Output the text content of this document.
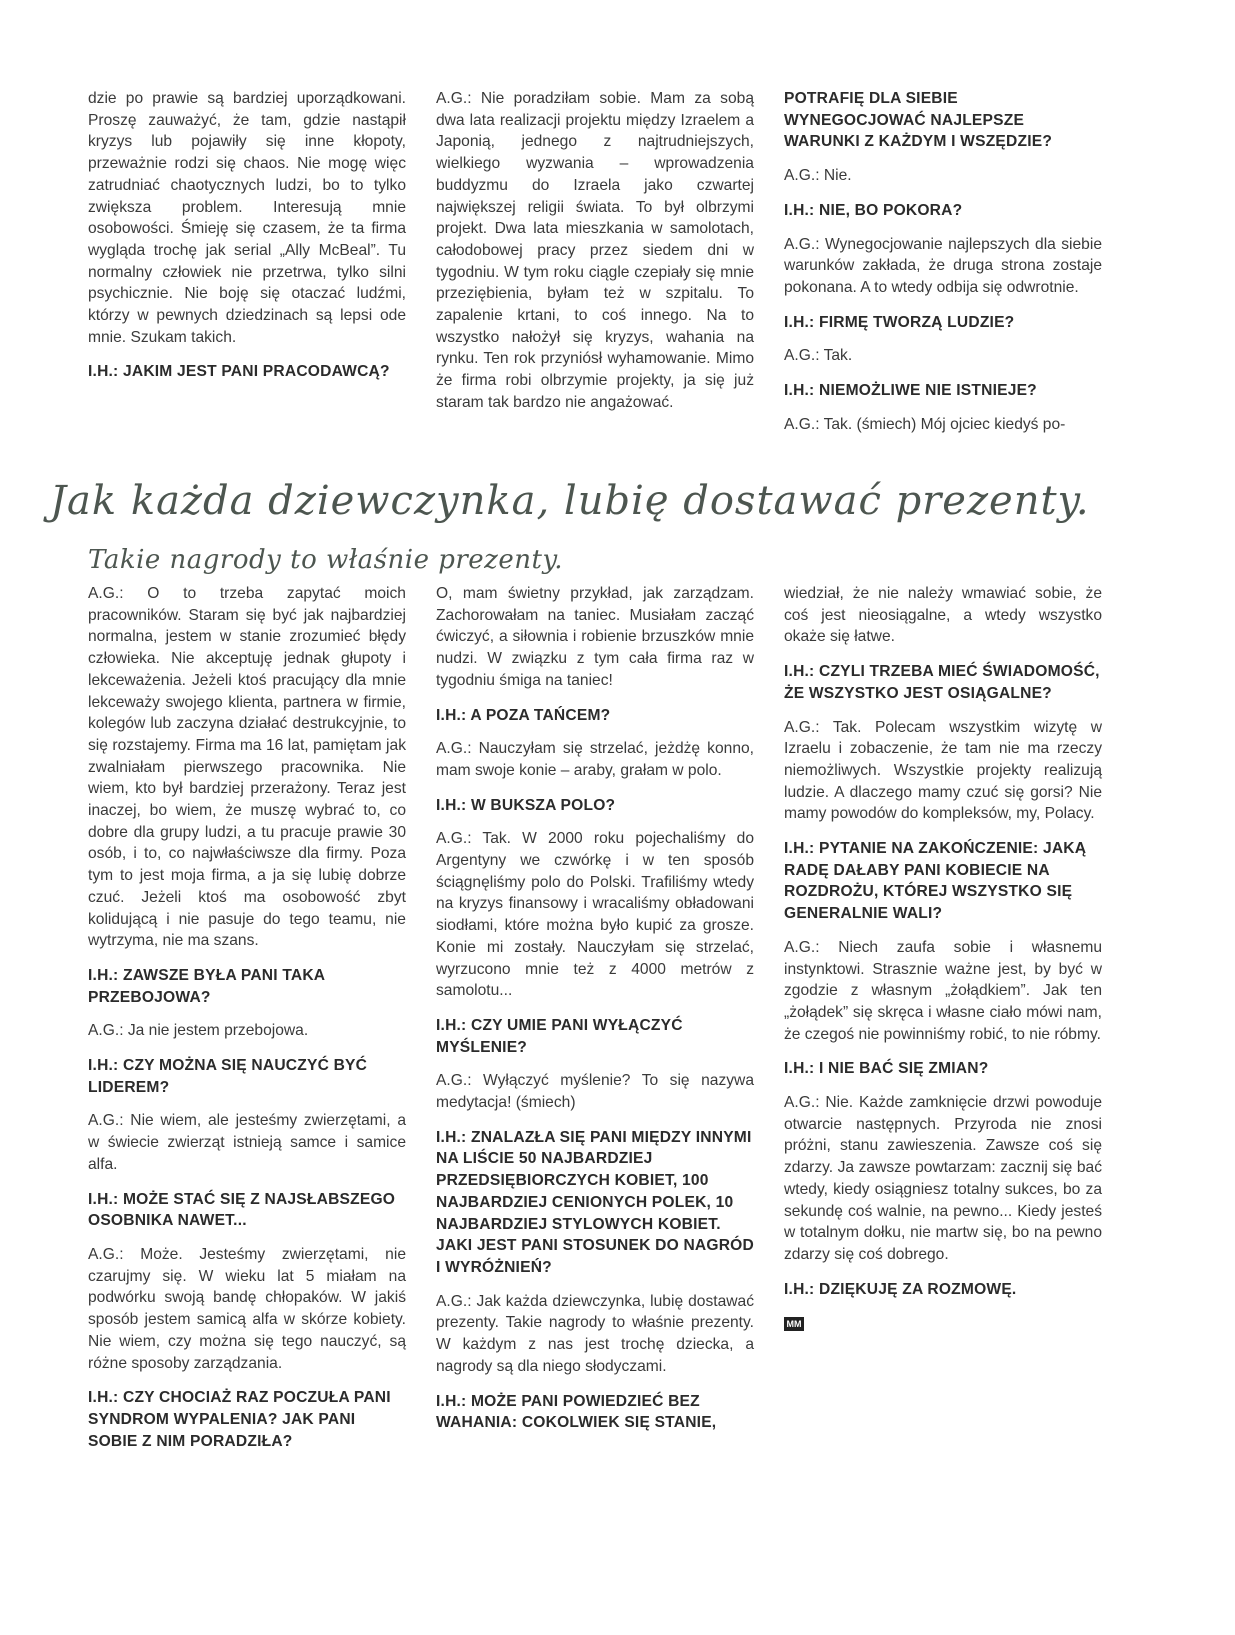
dzie po prawie są bardziej uporządkowani. Proszę zauważyć, że tam, gdzie nastąpił kryzys lub pojawiły się inne kłopoty, przeważnie rodzi się chaos. Nie mogę więc zatrudniać chaotycznych ludzi, bo to tylko zwiększa problem. Interesują mnie osobowości. Śmieję się czasem, że ta firma wygląda trochę jak serial „Ally McBeal”. Tu normalny człowiek nie przetrwa, tylko silni psychicznie. Nie boję się otaczać ludźmi, którzy w pewnych dziedzinach są lepsi ode mnie. Szukam takich.

I.H.: JAKIM JEST PANI PRACODAWCĄ?

A.G.: Nie poradziłam sobie. Mam za sobą dwa lata realizacji projektu między Izraelem a Japonią, jednego z najtrudniejszych, wielkiego wyzwania – wprowadzenia buddyzmu do Izraela jako czwartej największej religii świata. To był olbrzymi projekt. Dwa lata mieszkania w samolotach, całodobowej pracy przez siedem dni w tygodniu. W tym roku ciągle czepiały się mnie przeziębienia, byłam też w szpitalu. To zapalenie krtani, to coś innego. Na to wszystko nałożył się kryzys, wahania na rynku. Ten rok przyniósł wyhamowanie. Mimo że firma robi olbrzymie projekty, ja się już staram tak bardzo nie angażować.

POTRAFIĘ DLA SIEBIE WYNEGOCJOWAĆ NAJLEPSZE WARUNKI Z KAŻDYM I WSZĘDZIE?

A.G.: Nie.

I.H.: NIE, BO POKORA?

A.G.: Wynegocjowanie najlepszych dla siebie warunków zakłada, że druga strona zostaje pokonana. A to wtedy odbija się odwrotnie.

I.H.: FIRMĘ TWORZĄ LUDZIE?

A.G.: Tak.

I.H.: NIEMOŻLIWE NIE ISTNIEJE?

A.G.: Tak. (śmiech) Mój ojciec kiedyś po-

Jak każda dziewczynka, lubię dostawać prezenty.
Takie nagrody to właśnie prezenty.

A.G.: O to trzeba zapytać moich pracowników. Staram się być jak najbardziej normalna, jestem w stanie zrozumieć błędy człowieka. Nie akceptuję jednak głupoty i lekceważenia. Jeżeli ktoś pracujący dla mnie lekceważy swojego klienta, partnera w firmie, kolegów lub zaczyna działać destrukcyjnie, to się rozstajemy. Firma ma 16 lat, pamiętam jak zwalniałam pierwszego pracownika. Nie wiem, kto był bardziej przerażony. Teraz jest inaczej, bo wiem, że muszę wybrać to, co dobre dla grupy ludzi, a tu pracuje prawie 30 osób, i to, co najwłaściwsze dla firmy. Poza tym to jest moja firma, a ja się lubię dobrze czuć. Jeżeli ktoś ma osobowość zbyt kolidującą i nie pasuje do tego teamu, nie wytrzyma, nie ma szans.

I.H.: ZAWSZE BYŁA PANI TAKA PRZEBOJOWA?

A.G.: Ja nie jestem przebojowa.

I.H.: CZY MOŻNA SIĘ NAUCZYĆ BYĆ LIDEREM?

A.G.: Nie wiem, ale jesteśmy zwierzętami, a w świecie zwierząt istnieją samce i samice alfa.

I.H.: MOŻE STAĆ SIĘ Z NAJSŁABSZEGO OSOBNIKA NAWET...

A.G.: Może. Jesteśmy zwierzętami, nie czarujmy się. W wieku lat 5 miałam na podwórku swoją bandę chłopaków. W jakiś sposób jestem samicą alfa w skórze kobiety. Nie wiem, czy można się tego nauczyć, są różne sposoby zarządzania.

I.H.: CZY CHOCIAŻ RAZ POCZUŁA PANI SYNDROM WYPALENIA? JAK PANI SOBIE Z NIM PORADZIŁA?

O, mam świetny przykład, jak zarządzam. Zachorowałam na taniec. Musiałam zacząć ćwiczyć, a siłownia i robienie brzuszków mnie nudzi. W związku z tym cała firma raz w tygodniu śmiga na taniec!

I.H.: A POZA TAŃCEM?

A.G.: Nauczyłam się strzelać, jeżdżę konno, mam swoje konie – araby, grałam w polo.

I.H.: W BUKSZA POLO?

A.G.: Tak. W 2000 roku pojechaliśmy do Argentyny we czwórkę i w ten sposób ściągnęliśmy polo do Polski. Trafiliśmy wtedy na kryzys finansowy i wracaliśmy obładowani siodłami, które można było kupić za grosze. Konie mi zostały. Nauczyłam się strzelać, wyrzucono mnie też z 4000 metrów z samolotu...

I.H.: CZY UMIE PANI WYŁĄCZYĆ MYŚLENIE?

A.G.: Wyłączyć myślenie? To się nazywa medytacja! (śmiech)

I.H.: ZNALAZŁA SIĘ PANI MIĘDZY INNYMI NA LIŚCIE 50 NAJBARDZIEJ PRZEDSIĘBIORCZYCH KOBIET, 100 NAJBARDZIEJ CENIONYCH POLEK, 10 NAJBARDZIEJ STYLOWYCH KOBIET. JAKI JEST PANI STOSUNEK DO NAGRÓD I WYRÓŻNIEŃ?

A.G.: Jak każda dziewczynka, lubię dostawać prezenty. Takie nagrody to właśnie prezenty. W każdym z nas jest trochę dziecka, a nagrody są dla niego słodyczami.

I.H.: MOŻE PANI POWIEDZIEĆ BEZ WAHANIA: COKOLWIEK SIĘ STANIE,

wiedział, że nie należy wmawiać sobie, że coś jest nieosiągalne, a wtedy wszystko okaże się łatwe.

I.H.: CZYLI TRZEBA MIEĆ ŚWIADOMOŚĆ, ŻE WSZYSTKO JEST OSIĄGALNE?

A.G.: Tak. Polecam wszystkim wizytę w Izraelu i zobaczenie, że tam nie ma rzeczy niemożliwych. Wszystkie projekty realizują ludzie. A dlaczego mamy czuć się gorsi? Nie mamy powodów do kompleksów, my, Polacy.

I.H.: PYTANIE NA ZAKOŃCZENIE: JAKĄ RADĘ DAŁABY PANI KOBIECIE NA ROZDROŻU, KTÓREJ WSZYSTKO SIĘ GENERALNIE WALI?

A.G.: Niech zaufa sobie i własnemu instynktowi. Strasznie ważne jest, by być w zgodzie z własnym „żołądkiem”. Jak ten „żołądek” się skręca i własne ciało mówi nam, że czegoś nie powinniśmy robić, to nie róbmy.

I.H.: I NIE BAĆ SIĘ ZMIAN?

A.G.: Nie. Każde zamknięcie drzwi powoduje otwarcie następnych. Przyroda nie znosi próżni, stanu zawieszenia. Zawsze coś się zdarzy. Ja zawsze powtarzam: zacznij się bać wtedy, kiedy osiągniesz totalny sukces, bo za sekundę coś walnie, na pewno... Kiedy jesteś w totalnym dołku, nie martw się, bo na pewno zdarzy się coś dobrego.

I.H.: DZIĘKUJĘ ZA ROZMOWĘ.

MM
